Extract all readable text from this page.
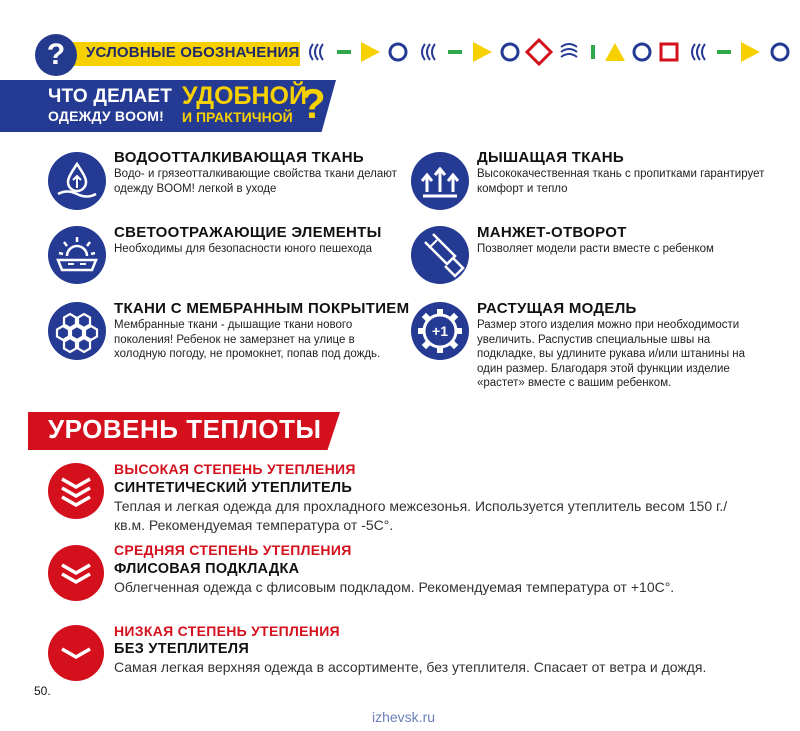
?	УСЛОВНЫЕ ОБОЗНАЧЕНИЯ
ЧТО ДЕЛАЕТ
ОДЕЖДУ BOOM!
УДОБНОЙ
И ПРАКТИЧНОЙ ?
ВОДООТТАЛКИВАЮЩАЯ ТКАНЬ
Водо- и грязеотталкивающие свойства ткани делают одежду BOOM! легкой в уходе
ДЫШАЩАЯ ТКАНЬ
Высококачественная ткань с пропитками гарантирует комфорт и тепло
СВЕТООТРАЖАЮЩИЕ ЭЛЕМЕНТЫ
Необходимы для безопасности юного пешехода
МАНЖЕТ-ОТВОРОТ
Позволяет модели расти вместе с ребенком
ТКАНИ С МЕМБРАННЫМ ПОКРЫТИЕМ
Мембранные ткани - дышащие ткани нового поколения! Ребенок не замерзнет на улице в холодную погоду, не промокнет, попав под дождь.
+1
РАСТУЩАЯ МОДЕЛЬ
Размер этого изделия можно при необходимости увеличить. Распустив специальные швы на подкладке, вы удлините рукава и/или штанины на один размер. Благодаря этой функции изделие «растет» вместе с вашим ребенком.
УРОВЕНЬ ТЕПЛОТЫ
ВЫСОКАЯ СТЕПЕНЬ УТЕПЛЕНИЯ
СИНТЕТИЧЕСКИЙ УТЕПЛИТЕЛЬ
Теплая и легкая одежда для прохладного межсезонья. Используется утеплитель весом 150 г./кв.м. Рекомендуемая температура от -5С°.
СРЕДНЯЯ СТЕПЕНЬ УТЕПЛЕНИЯ
ФЛИСОВАЯ ПОДКЛАДКА
Облегченная одежда с флисовым подкладом. Рекомендуемая температура от +10С°.
НИЗКАЯ СТЕПЕНЬ УТЕПЛЕНИЯ
БЕЗ УТЕПЛИТЕЛЯ
Самая легкая верхняя одежда в ассортименте, без утеплителя. Спасает от ветра и дождя.
50.
izhevsk.ru
